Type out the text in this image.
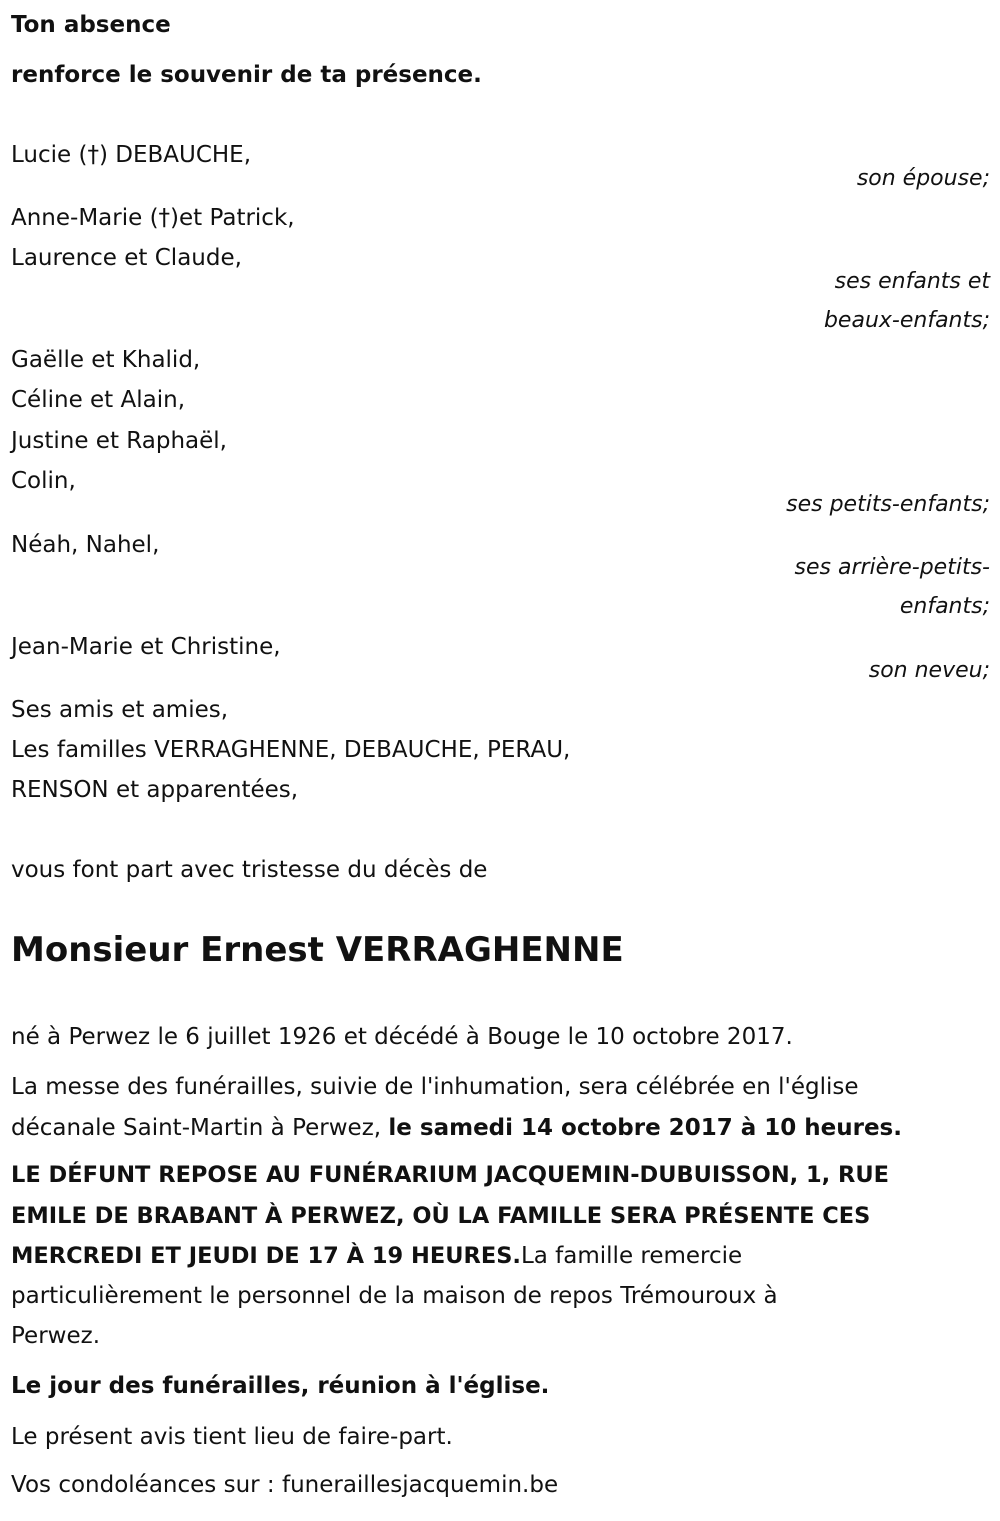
Ton absence
renforce le souvenir de ta présence.
Lucie (†) DEBAUCHE,
son épouse;
Anne-Marie (†)et Patrick,
Laurence et Claude,
ses enfants et
beaux-enfants;
Gaëlle et Khalid,
Céline et Alain,
Justine et Raphaël,
Colin,
ses petits-enfants;
Néah, Nahel,
ses arrière-petits-
enfants;
Jean-Marie et Christine,
son neveu;
Ses amis et amies,
Les familles VERRAGHENNE, DEBAUCHE, PERAU,
RENSON et apparentées,
vous font part avec tristesse du décès de
Monsieur Ernest VERRAGHENNE
né à Perwez le 6 juillet 1926 et décédé à Bouge le 10 octobre 2017.
La messe des funérailles, suivie de l'inhumation, sera célébrée en l'église
décanale Saint-Martin à Perwez, le samedi 14 octobre 2017 à 10 heures.
LE DÉFUNT REPOSE AU FUNÉRARIUM JACQUEMIN-DUBUISSON, 1, RUE
EMILE DE BRABANT À PERWEZ, OÙ LA FAMILLE SERA PRÉSENTE CES
MERCREDI ET JEUDI DE 17 À 19 HEURES.La famille remercie
particulièrement le personnel de la maison de repos Trémouroux à
Perwez.
Le jour des funérailles, réunion à l'église.
Le présent avis tient lieu de faire-part.
Vos condoléances sur : funeraillesjacquemin.be
